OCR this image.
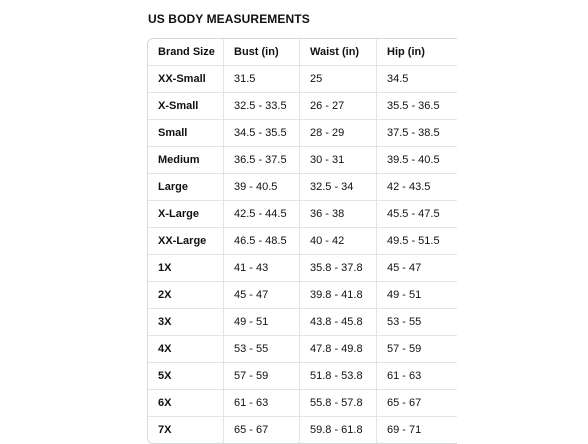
US BODY MEASUREMENTS
Brand Size	Bust (in)	Waist (in)	Hip (in)
XX-Small	31.5	25	34.5
X-Small	32.5 - 33.5	26 - 27	35.5 - 36.5
Small	34.5 - 35.5	28 - 29	37.5 - 38.5
Medium	36.5 - 37.5	30 - 31	39.5 - 40.5
Large	39 - 40.5	32.5 - 34	42 - 43.5
X-Large	42.5 - 44.5	36 - 38	45.5 - 47.5
XX-Large	46.5 - 48.5	40 - 42	49.5 - 51.5
1X	41 - 43	35.8 - 37.8	45 - 47
2X	45 - 47	39.8 - 41.8	49 - 51
3X	49 - 51	43.8 - 45.8	53 - 55
4X	53 - 55	47.8 - 49.8	57 - 59
5X	57 - 59	51.8 - 53.8	61 - 63
6X	61 - 63	55.8 - 57.8	65 - 67
7X	65 - 67	59.8 - 61.8	69 - 71
